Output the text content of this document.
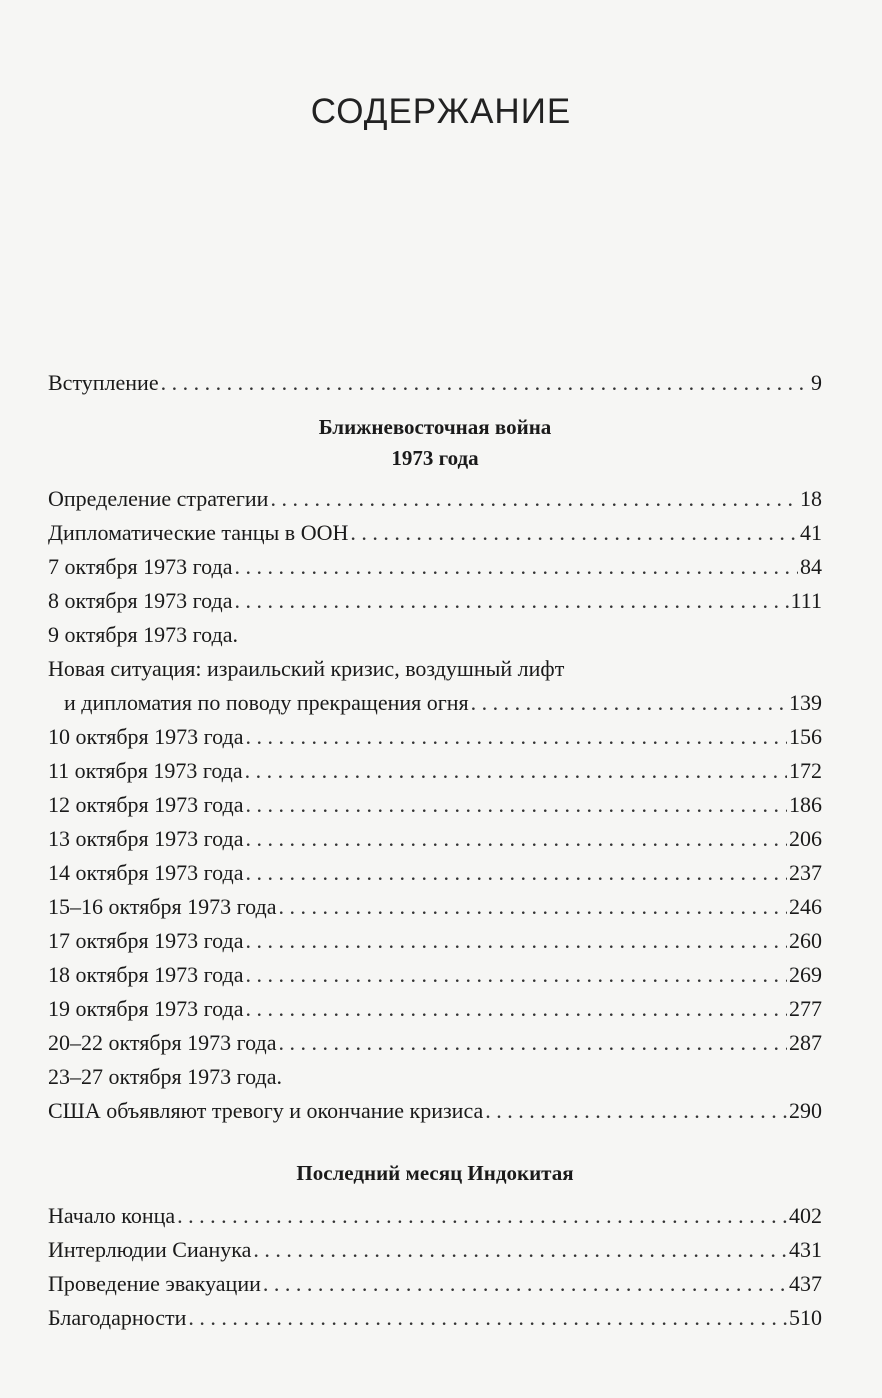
СОДЕРЖАНИЕ
Вступление . . .	9
Ближневосточная война
1973 года
Определение стратегии . . .	18
Дипломатические танцы в ООН . . .	41
7 октября 1973 года . . .	84
8 октября 1973 года . . .	111
9 октября 1973 года.
Новая ситуация: израильский кризис, воздушный лифт
и дипломатия по поводу прекращения огня . . .	139
10 октября 1973 года . . .	156
11 октября 1973 года . . .	172
12 октября 1973 года . . .	186
13 октября 1973 года . . .	206
14 октября 1973 года . . .	237
15–16 октября 1973 года . . .	246
17 октября 1973 года . . .	260
18 октября 1973 года . . .	269
19 октября 1973 года . . .	277
20–22 октября 1973 года . . .	287
23–27 октября 1973 года.
США объявляют тревогу и окончание кризиса . . .	290
Последний месяц Индокитая
Начало конца . . .	402
Интерлюдии Сианука . . .	431
Проведение эвакуации . . .	437
Благодарности . . .	510
